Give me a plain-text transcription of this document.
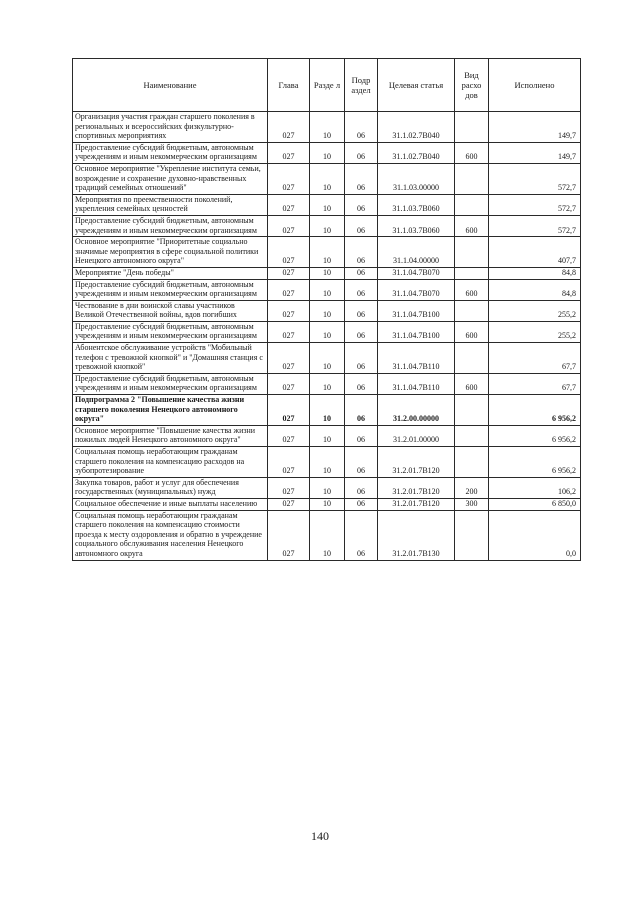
Наименование	Глава	Разде л	Подр аздел	Целевая статья	Вид расхо дов	Исполнено
Организация участия граждан старшего поколения в региональных и всероссийских физкультурно-спортивных мероприятиях	027	10	06	31.1.02.7В040		149,7
Предоставление субсидий бюджетным, автономным учреждениям и иным некоммерческим организациям	027	10	06	31.1.02.7В040	600	149,7
Основное мероприятие "Укрепление института семьи, возрождение и сохранение духовно-нравственных традиций семейных отношений"	027	10	06	31.1.03.00000		572,7
Мероприятия по преемственности поколений, укрепления семейных ценностей	027	10	06	31.1.03.7В060		572,7
Предоставление субсидий бюджетным, автономным учреждениям и иным некоммерческим организациям	027	10	06	31.1.03.7В060	600	572,7
Основное мероприятие "Приоритетные социально значимые мероприятия в сфере социальной политики Ненецкого автономного округа"	027	10	06	31.1.04.00000		407,7
Мероприятие "День победы"	027	10	06	31.1.04.7В070		84,8
Предоставление субсидий бюджетным, автономным учреждениям и иным некоммерческим организациям	027	10	06	31.1.04.7В070	600	84,8
Чествование в дни воинской славы участников Великой Отечественной войны, вдов погибших	027	10	06	31.1.04.7В100		255,2
Предоставление субсидий бюджетным, автономным учреждениям и иным некоммерческим организациям	027	10	06	31.1.04.7В100	600	255,2
Абонентское обслуживание устройств "Мобильный телефон с тревожной кнопкой" и "Домашняя станция с тревожной кнопкой"	027	10	06	31.1.04.7В110		67,7
Предоставление субсидий бюджетным, автономным учреждениям и иным некоммерческим организациям	027	10	06	31.1.04.7В110	600	67,7
Подпрограмма 2 "Повышение качества жизни старшего поколения Ненецкого автономного округа"	027	10	06	31.2.00.00000		6 956,2
Основное мероприятие "Повышение качества жизни пожилых людей Ненецкого автономного округа"	027	10	06	31.2.01.00000		6 956,2
Социальная помощь неработающим гражданам старшего поколения на компенсацию расходов на зубопротезирование	027	10	06	31.2.01.7В120		6 956,2
Закупка товаров, работ и услуг для обеспечения государственных (муниципальных) нужд	027	10	06	31.2.01.7В120	200	106,2
Социальное обеспечение и иные выплаты населению	027	10	06	31.2.01.7В120	300	6 850,0
Социальная помощь неработающим гражданам старшего поколения на компенсацию стоимости проезда к месту оздоровления и обратно в учреждение социального обслуживания населения Ненецкого автономного округа	027	10	06	31.2.01.7В130		0,0
140
